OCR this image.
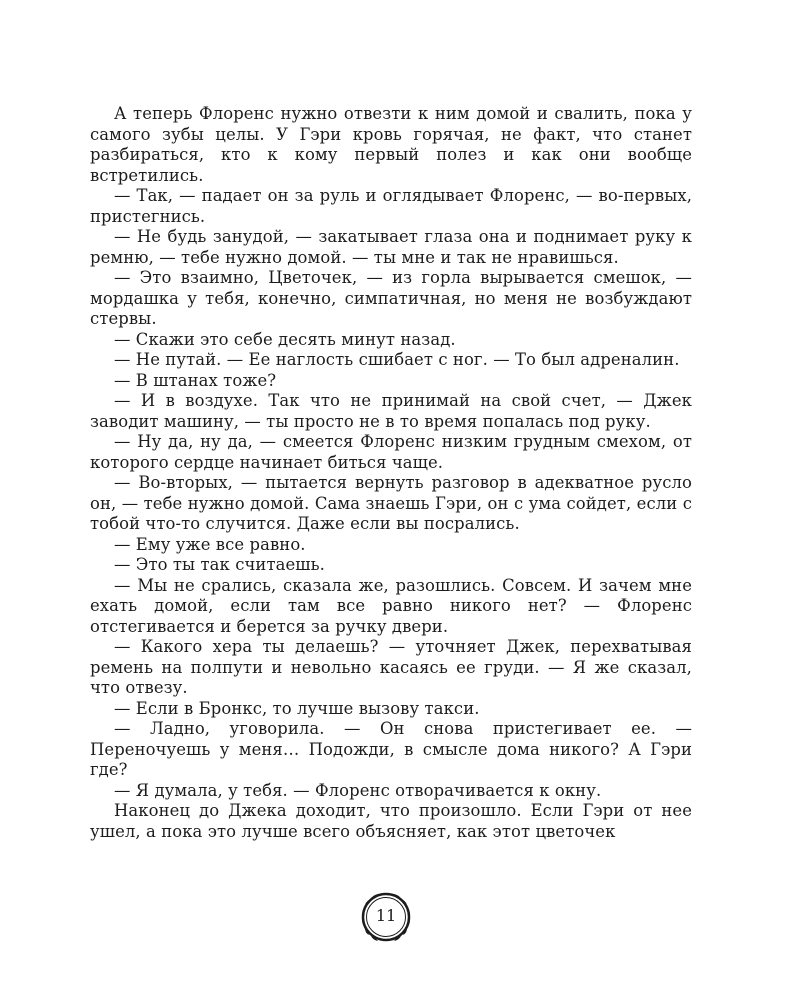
А теперь Флоренс нужно отвезти к ним домой и свалить, пока у самого зубы целы. У Гэри кровь горячая, не факт, что станет разбираться, кто к кому первый полез и как они вообще встретились.

— Так, — падает он за руль и оглядывает Флоренс, — во-первых, пристегнись.

— Не будь занудой, — закатывает глаза она и поднимает руку к ремню, — тебе нужно домой. — ты мне и так не нравишься.

— Это взаимно, Цветочек, — из горла вырывается смешок, — мордашка у тебя, конечно, симпатичная, но меня не возбуждают стервы.

— Скажи это себе десять минут назад.

— Не путай. — Ее наглость сшибает с ног. — То был адреналин.

— В штанах тоже?

— И в воздухе. Так что не принимай на свой счет, — Джек заводит машину, — ты просто не в то время попалась под руку.

— Ну да, ну да, — смеется Флоренс низким грудным смехом, от которого сердце начинает биться чаще.

— Во-вторых, — пытается вернуть разговор в адекватное русло он, — тебе нужно домой. Сама знаешь Гэри, он с ума сойдет, если с тобой что-то случится. Даже если вы посрались.

— Ему уже все равно.

— Это ты так считаешь.

— Мы не срались, сказала же, разошлись. Совсем. И зачем мне ехать домой, если там все равно никого нет? — Флоренс отстегивается и берется за ручку двери.

— Какого хера ты делаешь? — уточняет Джек, перехватывая ремень на полпути и невольно касаясь ее груди. — Я же сказал, что отвезу.

— Если в Бронкс, то лучше вызову такси.

— Ладно, уговорила. — Он снова пристегивает ее. — Переночуешь у меня… Подожди, в смысле дома никого? А Гэри где?

— Я думала, у тебя. — Флоренс отворачивается к окну.

Наконец до Джека доходит, что произошло. Если Гэри от нее ушел, а пока это лучше всего объясняет, как этот цветочек

11
